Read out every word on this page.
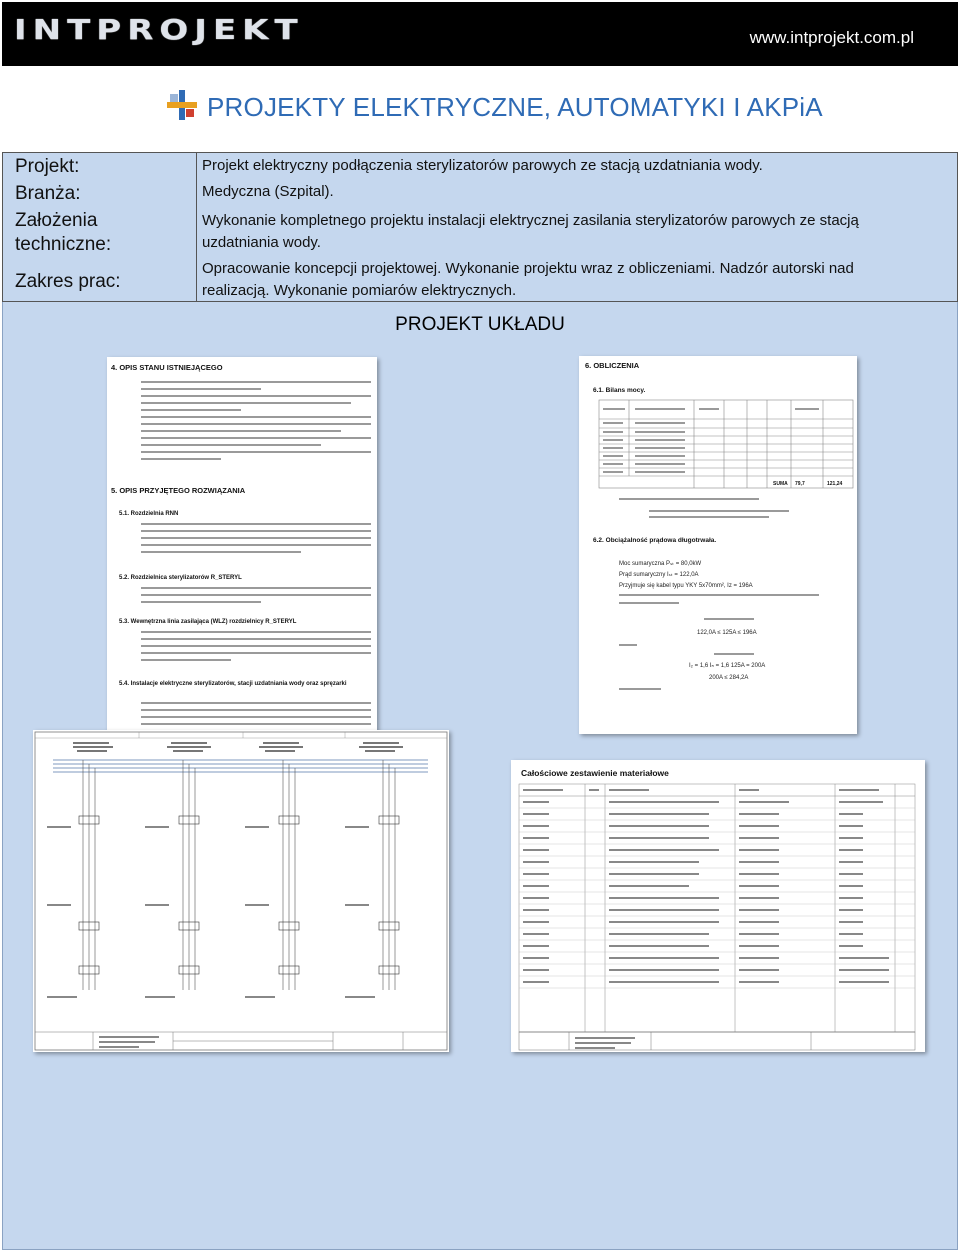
INTPROJEKT	www.intprojekt.com.pl
PROJEKTY ELEKTRYCZNE, AUTOMATYKI I AKPiA
Projekt:
Branża:
Założenia
techniczne:
Zakres prac:
Projekt elektryczny podłączenia sterylizatorów parowych ze stacją uzdatniania wody.
Medyczna (Szpital).
Wykonanie kompletnego projektu instalacji elektrycznej zasilania sterylizatorów parowych ze stacją
uzdatniania wody.
Opracowanie koncepcji projektowej. Wykonanie projektu wraz z obliczeniami. Nadzór autorski nad
realizacją. Wykonanie pomiarów elektrycznych.
PROJEKT UKŁADU
4. OPIS STANU ISTNIEJĄCEGO
5. OPIS PRZYJĘTEGO ROZWIĄZANIA
5.1. Rozdzielnia RNN
5.2. Rozdzielnica sterylizatorów R_STERYL
5.3. Wewnętrzna linia zasilająca (WLZ) rozdzielnicy R_STERYL
5.4. Instalacje elektryczne sterylizatorów, stacji uzdatniania wody oraz spręzarki
6. OBLICZENIA
6.1. Bilans mocy.
SUMA 79,7	121,24
6.2. Obciążalność prądowa długotrwała.
Moc sumaryczna Pₛₜ = 80,0kW
Prąd sumaryczny Iₛₜ = 122,0A
Przyjmuje się kabel typu YKY 5x70mm², Iz = 196A
122,0A ≤ 125A ≤ 196A
I₂ = 1,6 Iₙ = 1,6 125A = 200A
200A ≤ 284,2A
Całościowe zestawienie materiałowe
